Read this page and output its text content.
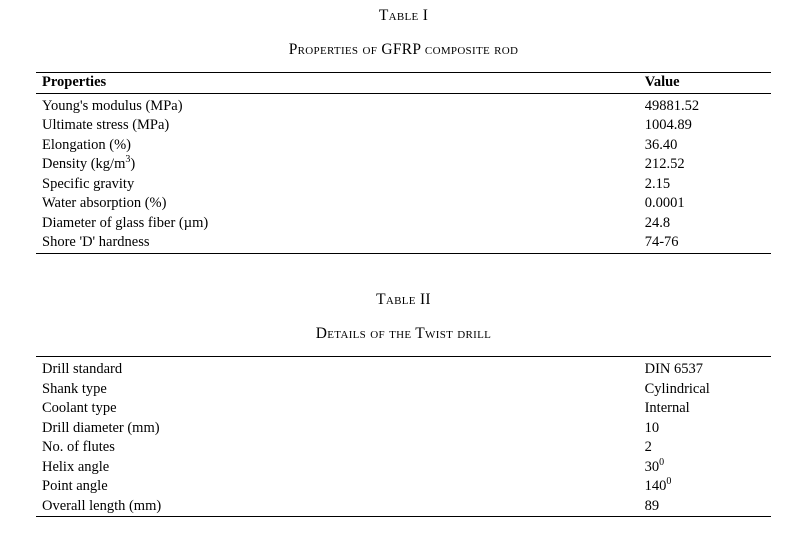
Table I
Properties of GFRP composite rod
Properties	Value

Young's modulus (MPa)	49881.52
Ultimate stress (MPa)	1004.89
Elongation (%)	36.40
Density $(kg/m^3)$	212.52
Specific gravity	2.15
Water absorption (%)	0.0001
Diameter of glass fiber (µm)	24.8
Shore 'D' hardness	74-76
Table II
Details of the Twist drill

Drill standard	DIN 6537
Shank type	Cylindrical
Coolant type	Internal
Drill diameter (mm)	10
No. of flutes	2
Helix angle	$30^0$
Point angle	$140^0$
Overall length (mm)	89
